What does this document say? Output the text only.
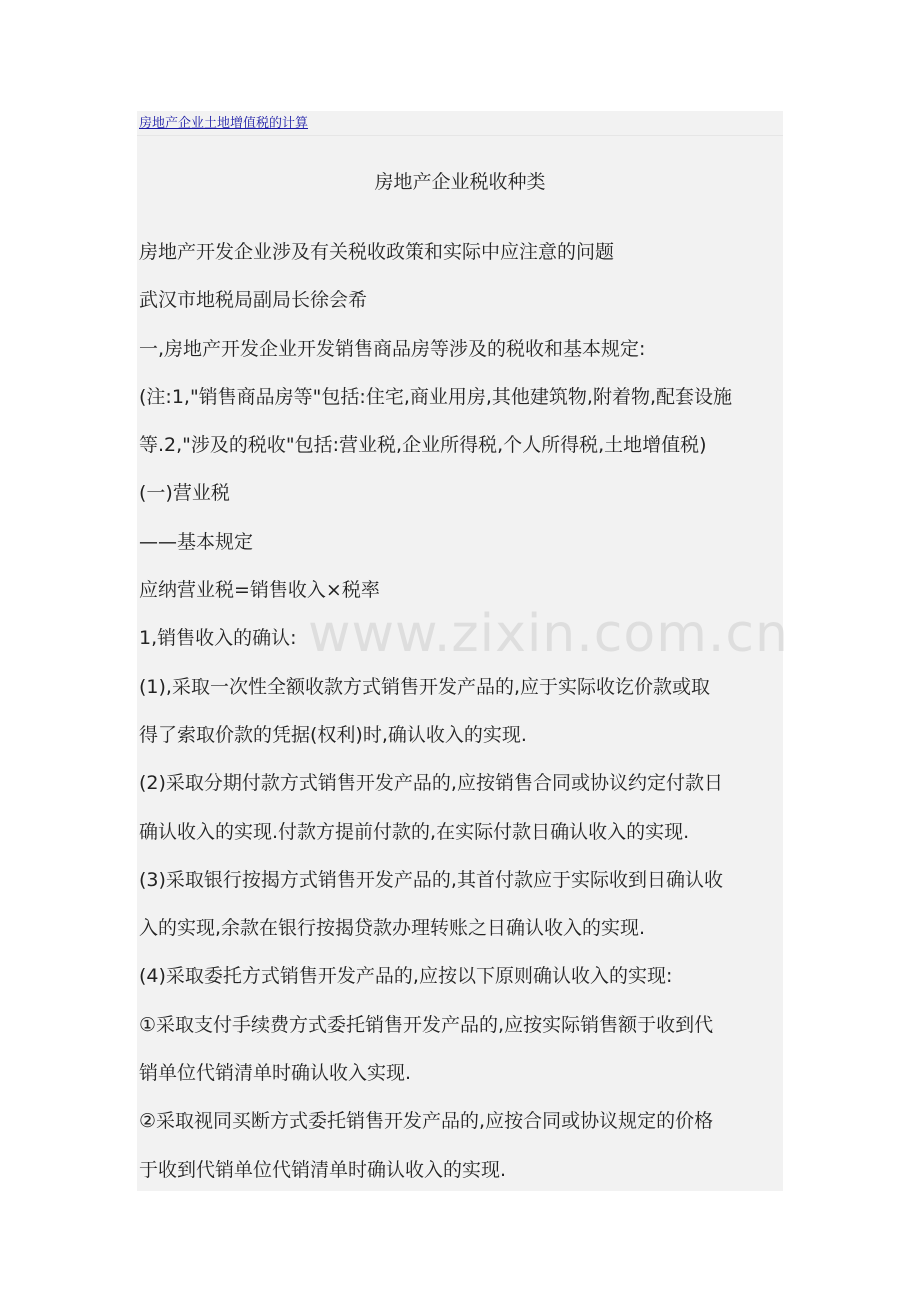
房地产企业土地增值税的计算
房地产企业税收种类

房地产开发企业涉及有关税收政策和实际中应注意的问题

武汉市地税局副局长徐会希

一,房地产开发企业开发销售商品房等涉及的税收和基本规定:

(注:1,"销售商品房等"包括:住宅,商业用房,其他建筑物,附着物,配套设施

等.2,"涉及的税收"包括:营业税,企业所得税,个人所得税,土地增值税)

(一)营业税

——基本规定

应纳营业税=销售收入×税率

1,销售收入的确认:

(1),采取一次性全额收款方式销售开发产品的,应于实际收讫价款或取

得了索取价款的凭据(权利)时,确认收入的实现.

(2)采取分期付款方式销售开发产品的,应按销售合同或协议约定付款日

确认收入的实现.付款方提前付款的,在实际付款日确认收入的实现.

(3)采取银行按揭方式销售开发产品的,其首付款应于实际收到日确认收

入的实现,余款在银行按揭贷款办理转账之日确认收入的实现.

(4)采取委托方式销售开发产品的,应按以下原则确认收入的实现:

①采取支付手续费方式委托销售开发产品的,应按实际销售额于收到代

销单位代销清单时确认收入实现.

②采取视同买断方式委托销售开发产品的,应按合同或协议规定的价格

于收到代销单位代销清单时确认收入的实现.

www.zixin.com.cn
